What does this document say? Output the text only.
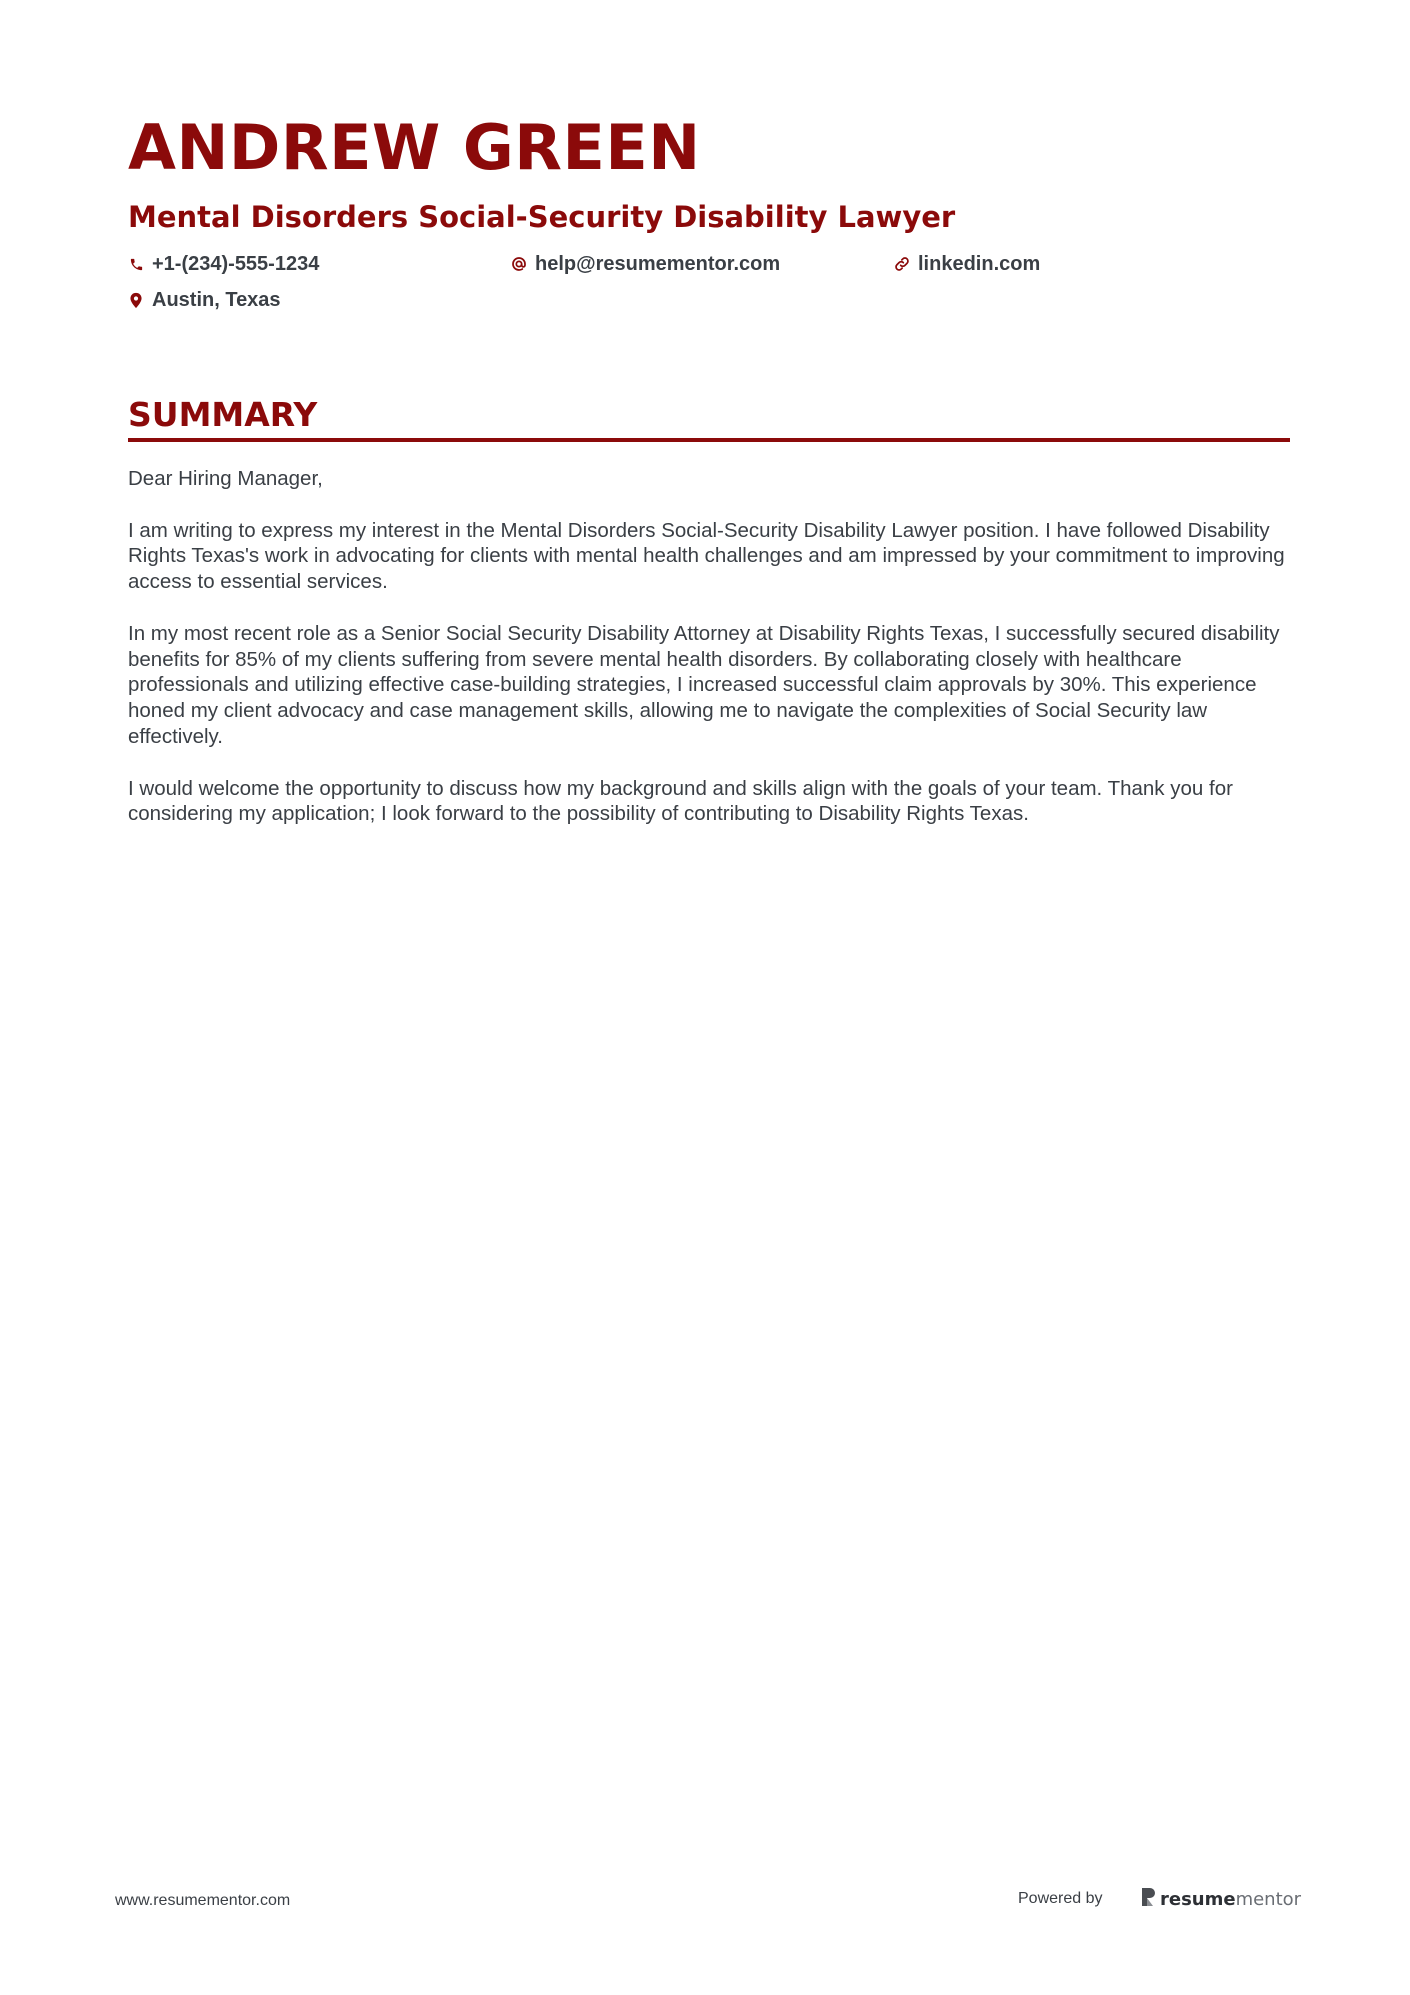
ANDREW GREEN
Mental Disorders Social-Security Disability Lawyer
+1-(234)-555-1234	help@resumementor.com	linkedin.com
Austin, Texas
SUMMARY

Dear Hiring Manager,

I am writing to express my interest in the Mental Disorders Social-Security Disability Lawyer position. I have followed Disability Rights Texas's work in advocating for clients with mental health challenges and am impressed by your commitment to improving access to essential services.

In my most recent role as a Senior Social Security Disability Attorney at Disability Rights Texas, I successfully secured disability benefits for 85% of my clients suffering from severe mental health disorders. By collaborating closely with healthcare professionals and utilizing effective case-building strategies, I increased successful claim approvals by 30%. This experience honed my client advocacy and case management skills, allowing me to navigate the complexities of Social Security law effectively.

I would welcome the opportunity to discuss how my background and skills align with the goals of your team. Thank you for considering my application; I look forward to the possibility of contributing to Disability Rights Texas.

www.resumementor.com	Powered by	resumementor
